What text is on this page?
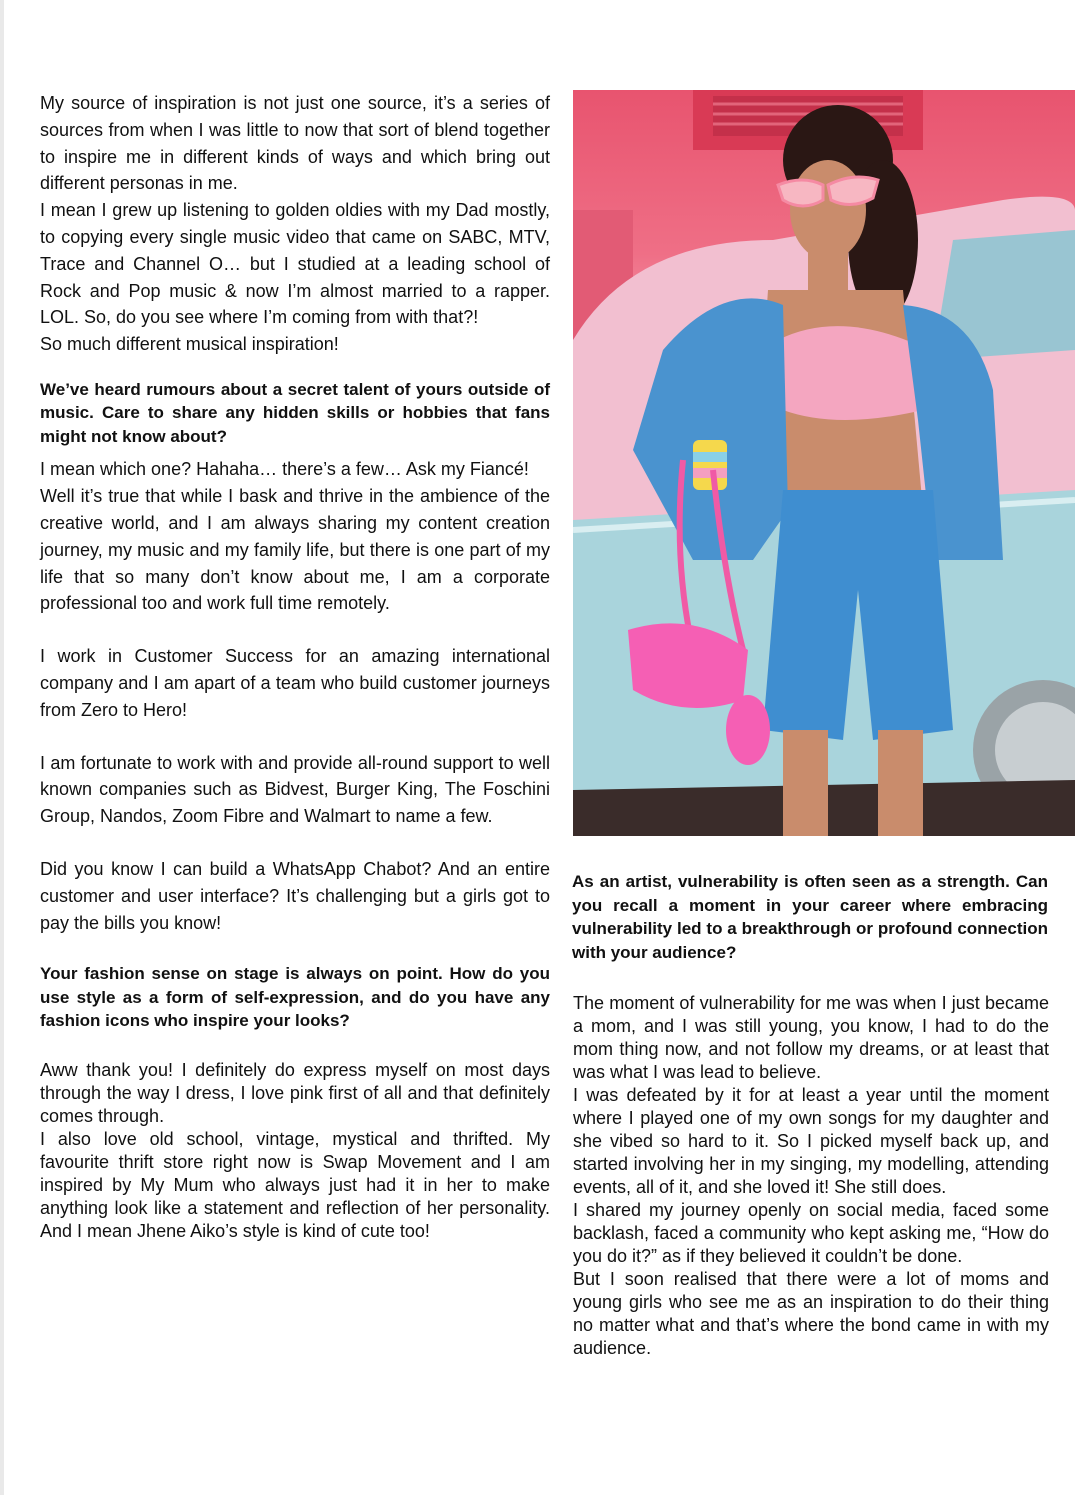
My source of inspiration is not just one source, it’s a series of sources from when I was little to now that sort of blend together to inspire me in different kinds of ways and which bring out different personas in me.

I mean I grew up listening to golden oldies with my Dad mostly, to copying every single music video that came on SABC, MTV, Trace and Channel O… but I studied at a leading school of Rock and Pop music & now I’m almost married to a rapper. LOL. So, do you see where I’m coming from with that?!

So much different musical inspiration!

We’ve heard rumours about a secret talent of yours outside of music. Care to share any hidden skills or hobbies that fans might not know about?

I mean which one? Hahaha… there’s a few… Ask my Fiancé!

Well it’s true that while I bask and thrive in the ambience of the creative world, and I am always sharing my content creation journey, my music and my family life, but there is one part of my life that so many don’t know about me, I am a corporate professional too and work full time remotely.

I work in Customer Success for an amazing international company and I am apart of a team who build customer journeys from Zero to Hero!

I am fortunate to work with and provide all-round support to well known companies such as Bidvest, Burger King, The Foschini Group, Nandos, Zoom Fibre and Walmart to name a few.

Did you know I can build a WhatsApp Chabot? And an entire customer and user interface? It’s challenging but a girls got to pay the bills you know!

Your fashion sense on stage is always on point. How do you use style as a form of self-expression, and do you have any fashion icons who inspire your looks?

Aww thank you! I definitely do express myself on most days through the way I dress, I love pink first of all and that definitely comes through.

I also love old school, vintage, mystical and thrifted. My favourite thrift store right now is Swap Movement and I am inspired by My Mum who always just had it in her to make anything look like a statement and reflection of her personality. And I mean Jhene Aiko’s style is kind of cute too!

As an artist, vulnerability is often seen as a strength. Can you recall a moment in your career where embracing vulnerability led to a breakthrough or profound connection with your audience?

The moment of vulnerability for me was when I just became a mom, and I was still young, you know, I had to do the mom thing now, and not follow my dreams, or at least that was what I was lead to believe.

I was defeated by it for at least a year until the moment where I played one of my own songs for my daughter and she vibed so hard to it. So I picked myself back up, and started involving her in my singing, my modelling, attending events, all of it, and she loved it! She still does.

I shared my journey openly on social media, faced some backlash, faced a community who kept asking me, “How do you do it?” as if they believed it couldn’t be done.

But I soon realised that there were a lot of moms and young girls who see me as an inspiration to do their thing no matter what and that’s where the bond came in with my audience.
